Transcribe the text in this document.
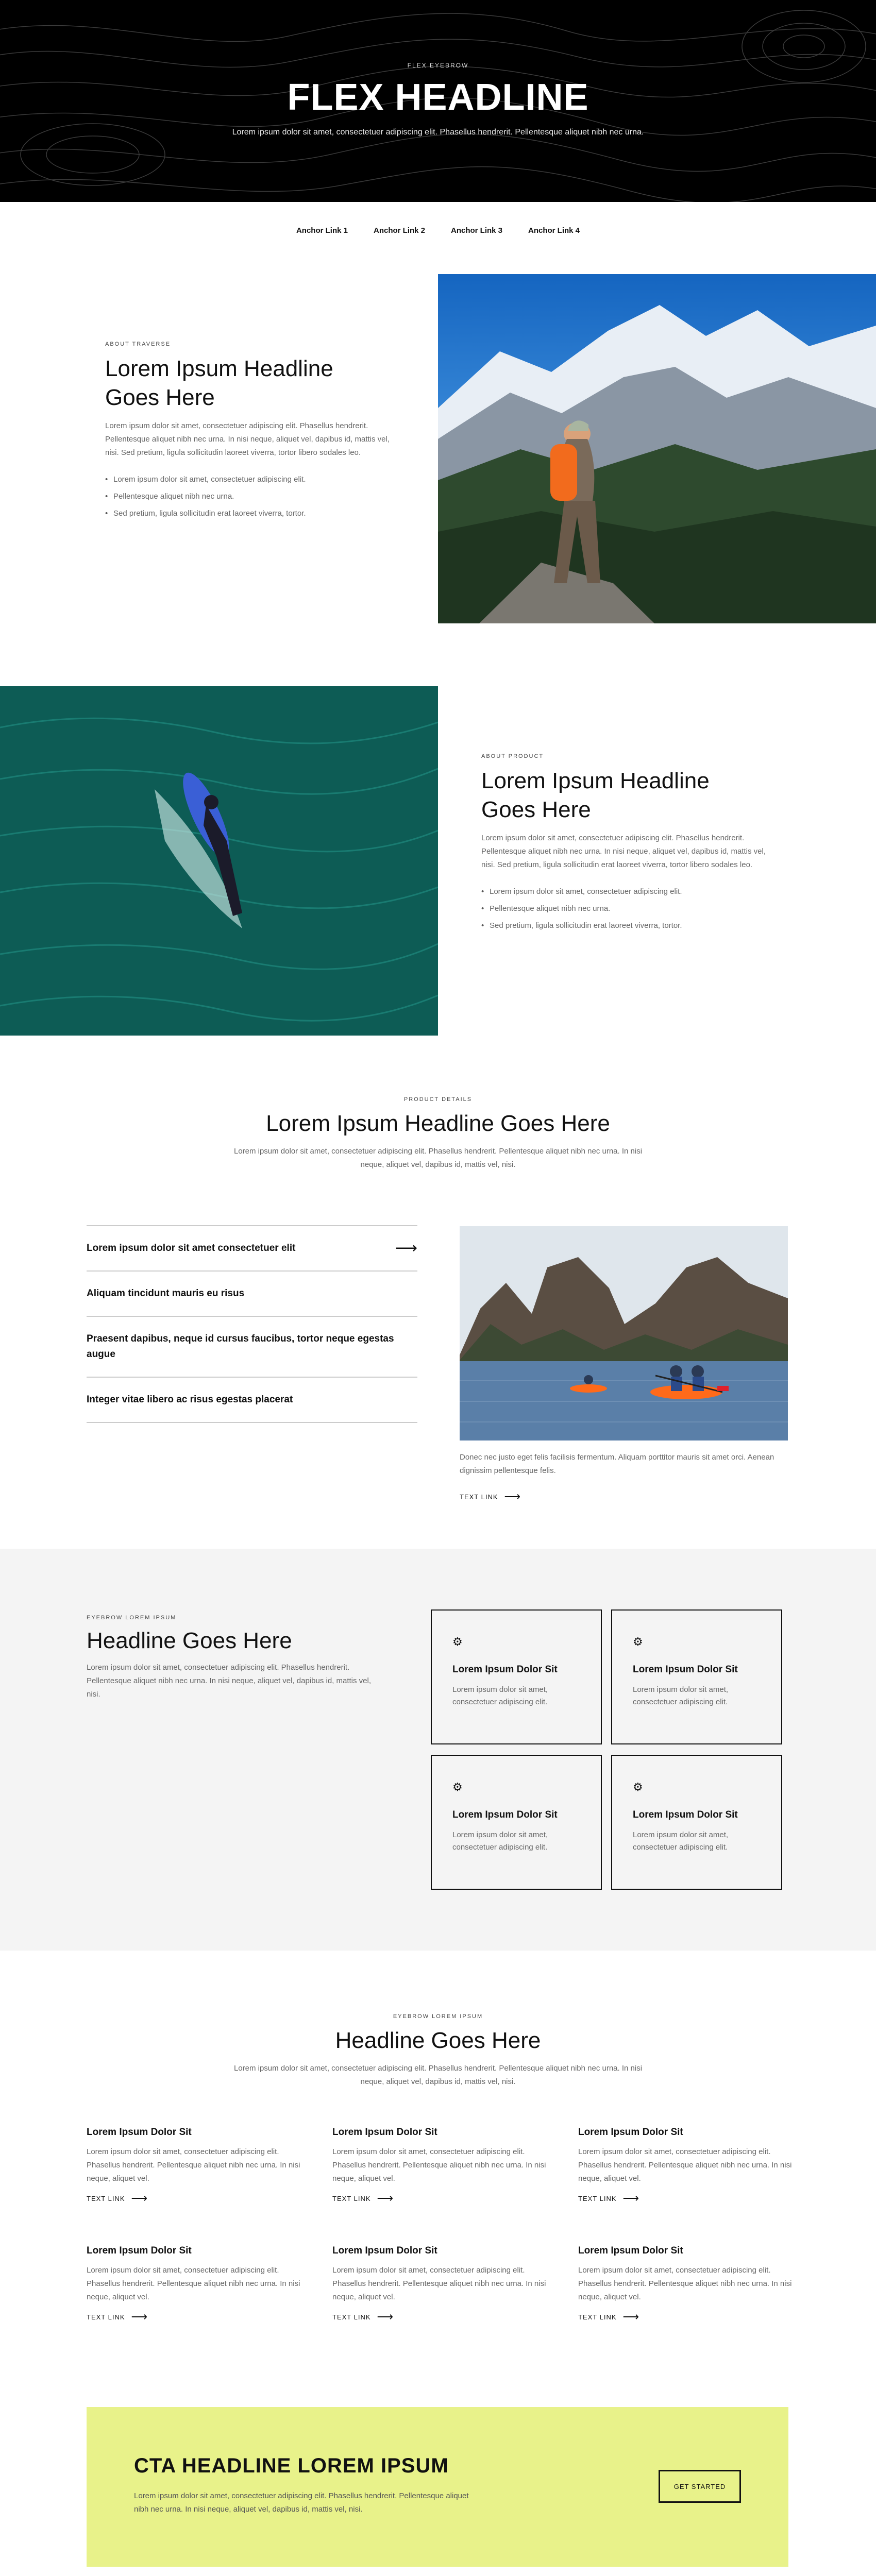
FLEX EYEBROW
FLEX HEADLINE

Lorem ipsum dolor sit amet, consectetuer adipiscing elit. Phasellus hendrerit. Pellentesque aliquet nibh nec urna.

Anchor Link 1	Anchor Link 2	Anchor Link 3	Anchor Link 4
ABOUT TRAVERSE
Lorem Ipsum Headline
Goes Here

Lorem ipsum dolor sit amet, consectetuer adipiscing elit. Phasellus hendrerit. Pellentesque aliquet nibh nec urna. In nisi neque, aliquet vel, dapibus id, mattis vel, nisi. Sed pretium, ligula sollicitudin laoreet viverra, tortor libero sodales leo.

• Lorem ipsum dolor sit amet, consectetuer adipiscing elit.
• Pellentesque aliquet nibh nec urna.
• Sed pretium, ligula sollicitudin erat laoreet viverra, tortor.
ABOUT PRODUCT
Lorem Ipsum Headline
Goes Here

Lorem ipsum dolor sit amet, consectetuer adipiscing elit. Phasellus hendrerit. Pellentesque aliquet nibh nec urna. In nisi neque, aliquet vel, dapibus id, mattis vel, nisi. Sed pretium, ligula sollicitudin erat laoreet viverra, tortor libero sodales leo.

• Lorem ipsum dolor sit amet, consectetuer adipiscing elit.
• Pellentesque aliquet nibh nec urna.
• Sed pretium, ligula sollicitudin erat laoreet viverra, tortor.
PRODUCT DETAILS
Lorem Ipsum Headline Goes Here

Lorem ipsum dolor sit amet, consectetuer adipiscing elit. Phasellus hendrerit. Pellentesque aliquet nibh nec urna. In nisi neque, aliquet vel, dapibus id, mattis vel, nisi.

Lorem ipsum dolor sit amet consectetuer elit	⟶
Aliquam tincidunt mauris eu risus
Praesent dapibus, neque id cursus faucibus, tortor neque egestas augue
Integer vitae libero ac risus egestas placerat

Donec nec justo eget felis facilisis fermentum. Aliquam porttitor mauris sit amet orci. Aenean dignissim pellentesque felis.

TEXT LINK ⟶
EYEBROW LOREM IPSUM
Headline Goes Here

Lorem ipsum dolor sit amet, consectetuer adipiscing elit. Phasellus hendrerit. Pellentesque aliquet nibh nec urna. In nisi neque, aliquet vel, dapibus id, mattis vel, nisi.

⚙
Lorem Ipsum Dolor Sit

Lorem ipsum dolor sit amet, consectetuer adipiscing elit.

⚙
Lorem Ipsum Dolor Sit

Lorem ipsum dolor sit amet, consectetuer adipiscing elit.

⚙
Lorem Ipsum Dolor Sit

Lorem ipsum dolor sit amet, consectetuer adipiscing elit.

⚙
Lorem Ipsum Dolor Sit

Lorem ipsum dolor sit amet, consectetuer adipiscing elit.

EYEBROW LOREM IPSUM
Headline Goes Here

Lorem ipsum dolor sit amet, consectetuer adipiscing elit. Phasellus hendrerit. Pellentesque aliquet nibh nec urna. In nisi neque, aliquet vel, dapibus id, mattis vel, nisi.

Lorem Ipsum Dolor Sit

Lorem ipsum dolor sit amet, consectetuer adipiscing elit. Phasellus hendrerit. Pellentesque aliquet nibh nec urna. In nisi neque, aliquet vel.

TEXT LINK ⟶
Lorem Ipsum Dolor Sit

Lorem ipsum dolor sit amet, consectetuer adipiscing elit. Phasellus hendrerit. Pellentesque aliquet nibh nec urna. In nisi neque, aliquet vel.

TEXT LINK ⟶
Lorem Ipsum Dolor Sit

Lorem ipsum dolor sit amet, consectetuer adipiscing elit. Phasellus hendrerit. Pellentesque aliquet nibh nec urna. In nisi neque, aliquet vel.

TEXT LINK ⟶
Lorem Ipsum Dolor Sit

Lorem ipsum dolor sit amet, consectetuer adipiscing elit. Phasellus hendrerit. Pellentesque aliquet nibh nec urna. In nisi neque, aliquet vel.

TEXT LINK ⟶
Lorem Ipsum Dolor Sit

Lorem ipsum dolor sit amet, consectetuer adipiscing elit. Phasellus hendrerit. Pellentesque aliquet nibh nec urna. In nisi neque, aliquet vel.

TEXT LINK ⟶
Lorem Ipsum Dolor Sit

Lorem ipsum dolor sit amet, consectetuer adipiscing elit. Phasellus hendrerit. Pellentesque aliquet nibh nec urna. In nisi neque, aliquet vel.

TEXT LINK ⟶
CTA HEADLINE LOREM IPSUM

Lorem ipsum dolor sit amet, consectetuer adipiscing elit. Phasellus hendrerit. Pellentesque aliquet nibh nec urna. In nisi neque, aliquet vel, dapibus id, mattis vel, nisi.

GET STARTED
